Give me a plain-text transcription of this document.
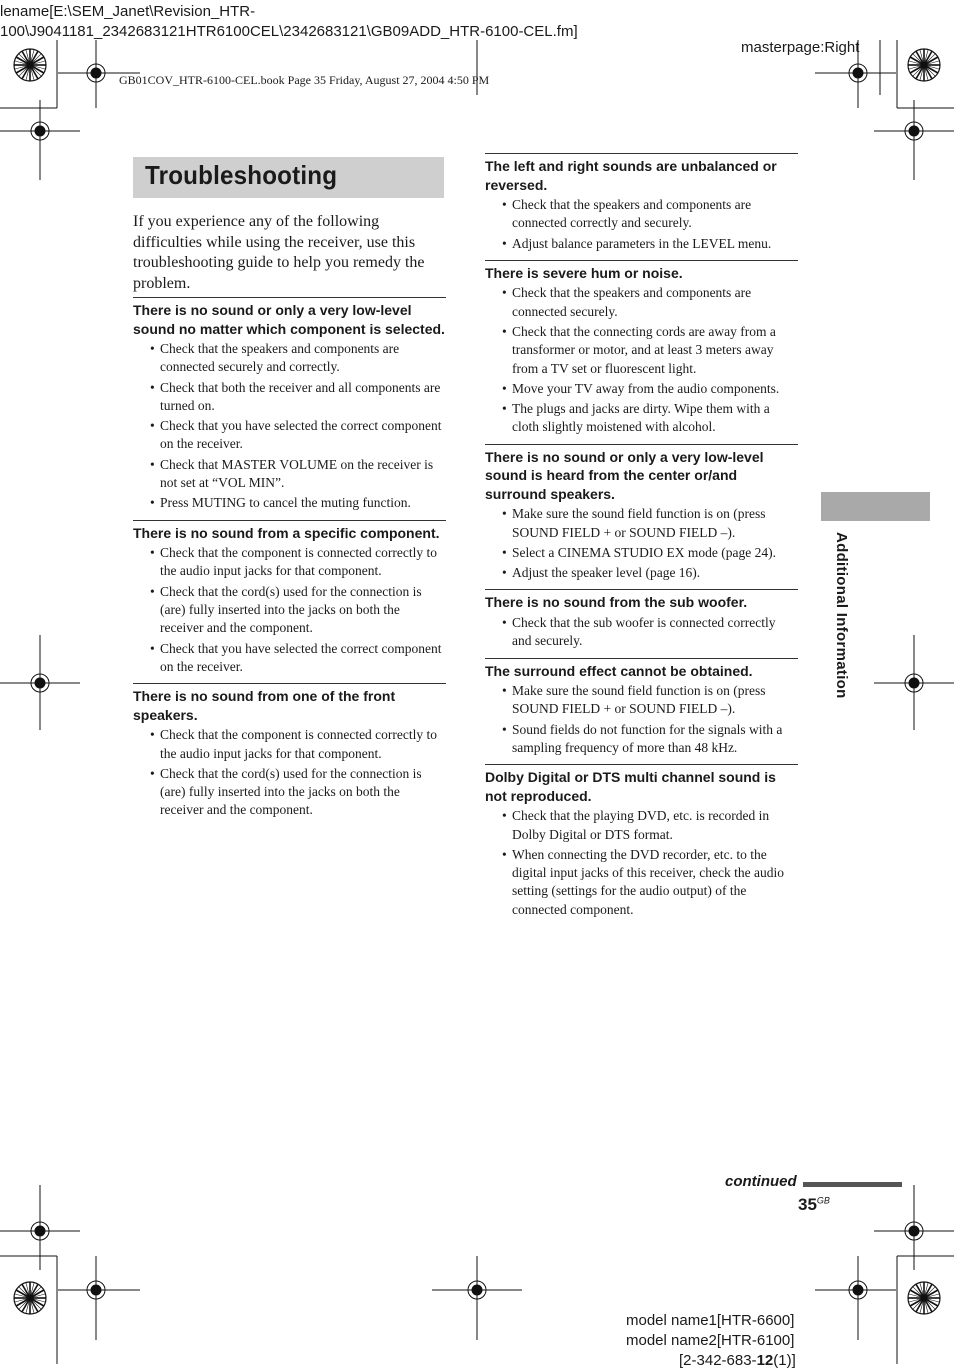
lename[E:\SEM_Janet\Revision_HTR-
100\J9041181_2342683121HTR6100CEL\2342683121\GB09ADD_HTR-6100-CEL.fm]
masterpage:Right
GB01COV_HTR-6100-CEL.book Page 35 Friday, August 27, 2004 4:50 PM
Troubleshooting
If you experience any of the following difficulties while using the receiver, use this troubleshooting guide to help you remedy the problem.
There is no sound or only a very low-level sound no matter which component is selected.
• Check that the speakers and components are connected securely and correctly.
• Check that both the receiver and all components are turned on.
• Check that you have selected the correct component on the receiver.
• Check that MASTER VOLUME on the receiver is not set at “VOL MIN”.
• Press MUTING to cancel the muting function.
There is no sound from a specific component.
• Check that the component is connected correctly to the audio input jacks for that component.
• Check that the cord(s) used for the connection is (are) fully inserted into the jacks on both the receiver and the component.
• Check that you have selected the correct component on the receiver.
There is no sound from one of the front speakers.
• Check that the component is connected correctly to the audio input jacks for that component.
• Check that the cord(s) used for the connection is (are) fully inserted into the jacks on both the receiver and the component.
The left and right sounds are unbalanced or reversed.
• Check that the speakers and components are connected correctly and securely.
• Adjust balance parameters in the LEVEL menu.
There is severe hum or noise.
• Check that the speakers and components are connected securely.
• Check that the connecting cords are away from a transformer or motor, and at least 3 meters away from a TV set or fluorescent light.
• Move your TV away from the audio components.
• The plugs and jacks are dirty. Wipe them with a cloth slightly moistened with alcohol.
There is no sound or only a very low-level sound is heard from the center or/and surround speakers.
• Make sure the sound field function is on (press SOUND FIELD + or SOUND FIELD –).
• Select a CINEMA STUDIO EX mode (page 24).
• Adjust the speaker level (page 16).
There is no sound from the sub woofer.
• Check that the sub woofer is connected correctly and securely.
The surround effect cannot be obtained.
• Make sure the sound field function is on (press SOUND FIELD + or SOUND FIELD –).
• Sound fields do not function for the signals with a sampling frequency of more than 48 kHz.
Dolby Digital or DTS multi channel sound is not reproduced.
• Check that the playing DVD, etc. is recorded in Dolby Digital or DTS format.
• When connecting the DVD recorder, etc. to the digital input jacks of this receiver, check the audio setting (settings for the audio output) of the connected component.
Additional Information
continued
$35^{GB}$
model name1[HTR-6600]
model name2[HTR-6100]
[2-342-683-12(1)]
